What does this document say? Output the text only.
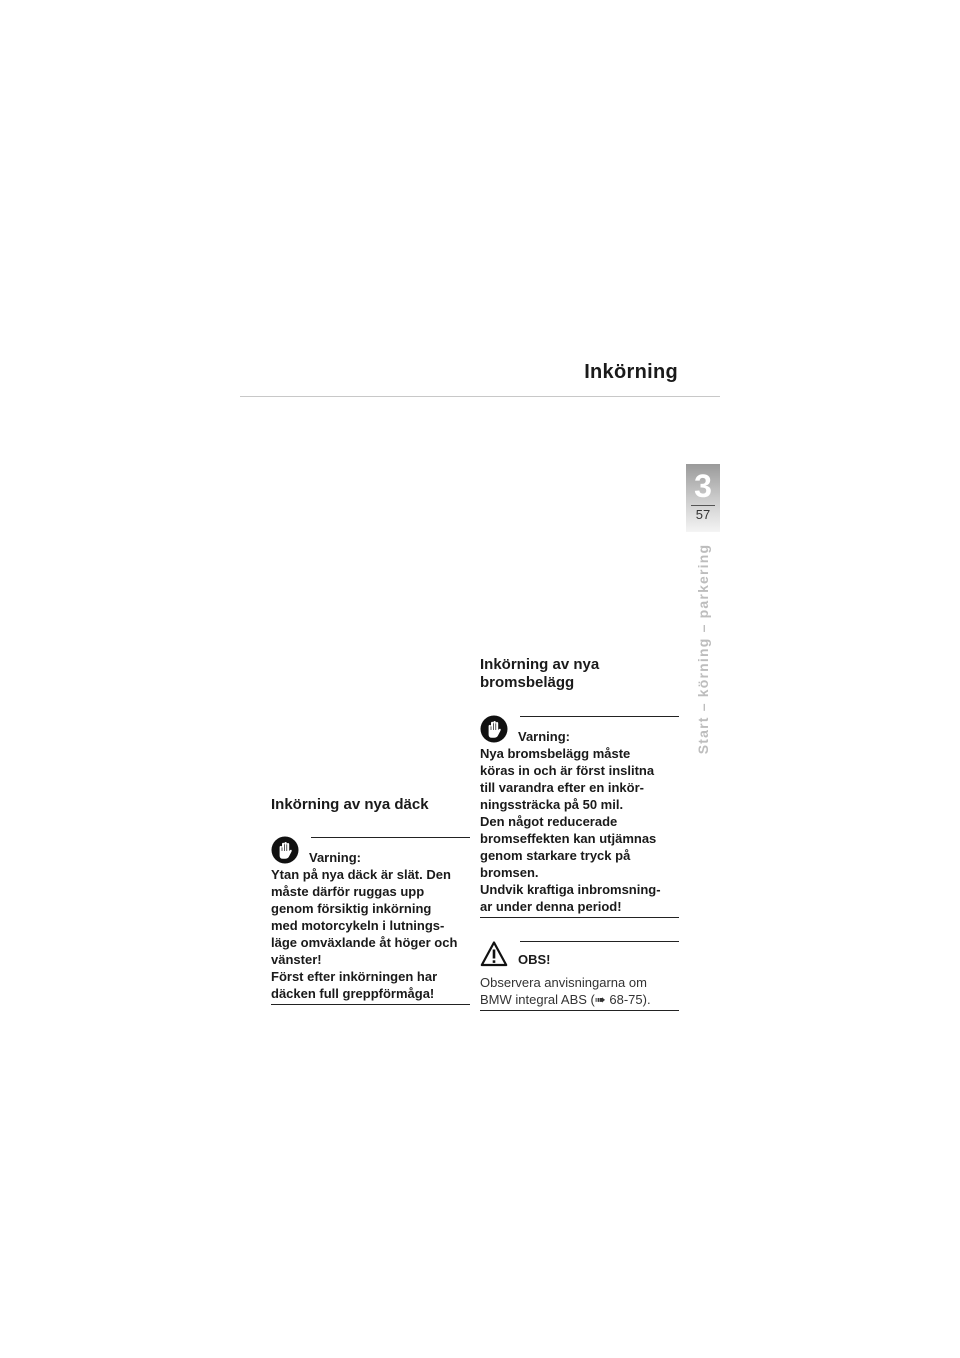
Inkörning
3
57
Start – körning – parkering
Inkörning av nya däck
Varning:

Ytan på nya däck är slät. Den

måste därför ruggas upp

genom försiktig inkörning

med motorcykeln i lutnings-

läge omväxlande åt höger och

vänster!

Först efter inkörningen har

däcken full greppförmåga!

Inkörning av nya
bromsbelägg
Varning:

Nya bromsbelägg måste

köras in och är först inslitna

till varandra efter en inkör-

ningssträcka på 50 mil.

Den något reducerade

bromseffekten kan utjämnas

genom starkare tryck på

bromsen.

Undvik kraftiga inbromsning-

ar under denna period!

OBS!

Observera anvisningarna om

BMW integral ABS (➠ 68-75).
